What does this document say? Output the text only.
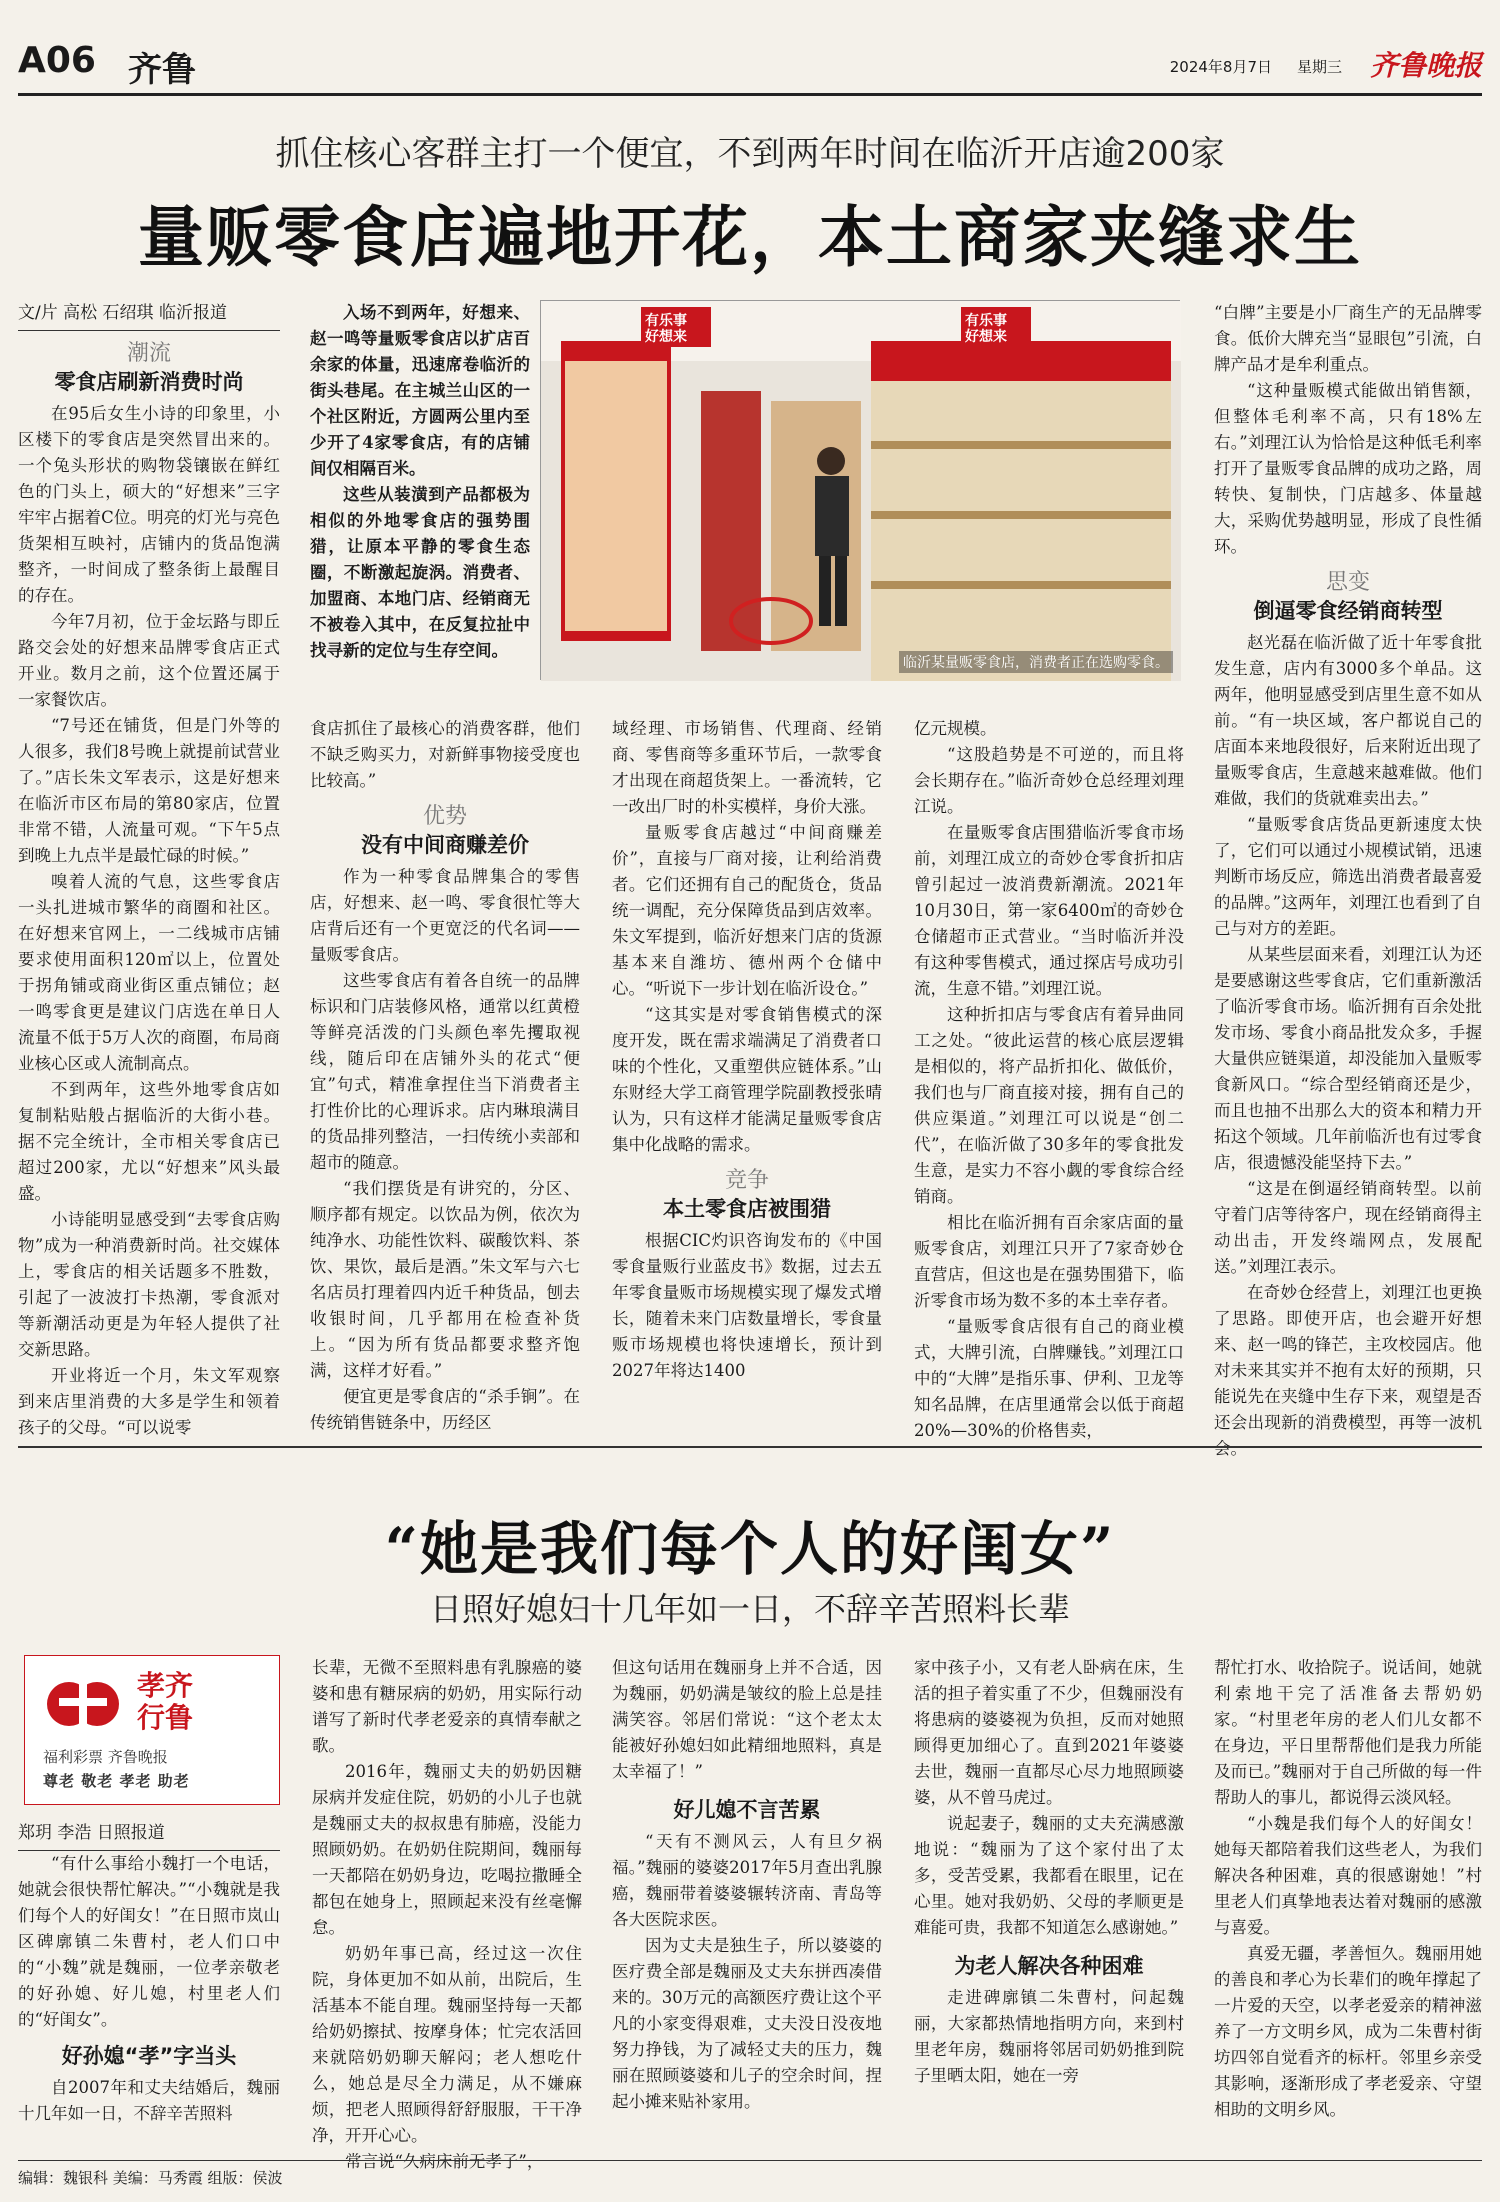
A06 齐鲁	2024年8月7日 星期三 齐鲁晚报
抓住核心客群主打一个便宜，不到两年时间在临沂开店逾200家
量贩零食店遍地开花，本土商家夹缝求生
文/片 高松 石绍琪 临沂报道
潮流
零食店刷新消费时尚

在95后女生小诗的印象里，小区楼下的零食店是突然冒出来的。一个兔头形状的购物袋镶嵌在鲜红色的门头上，硕大的“好想来”三字牢牢占据着C位。明亮的灯光与亮色货架相互映衬，店铺内的货品饱满整齐，一时间成了整条街上最醒目的存在。

今年7月初，位于金坛路与即丘路交会处的好想来品牌零食店正式开业。数月之前，这个位置还属于一家餐饮店。

“7号还在铺货，但是门外等的人很多，我们8号晚上就提前试营业了。”店长朱文军表示，这是好想来在临沂市区布局的第80家店，位置非常不错，人流量可观。“下午5点到晚上九点半是最忙碌的时候。”

嗅着人流的气息，这些零食店一头扎进城市繁华的商圈和社区。在好想来官网上，一二线城市店铺要求使用面积120㎡以上，位置处于拐角铺或商业街区重点铺位；赵一鸣零食更是建议门店选在单日人流量不低于5万人次的商圈，布局商业核心区或人流制高点。

不到两年，这些外地零食店如复制粘贴般占据临沂的大街小巷。据不完全统计，全市相关零食店已超过200家，尤以“好想来”风头最盛。

小诗能明显感受到“去零食店购物”成为一种消费新时尚。社交媒体上，零食店的相关话题多不胜数，引起了一波波打卡热潮，零食派对等新潮活动更是为年轻人提供了社交新思路。

开业将近一个月，朱文军观察到来店里消费的大多是学生和领着孩子的父母。“可以说零

入场不到两年，好想来、赵一鸣等量贩零食店以扩店百余家的体量，迅速席卷临沂的街头巷尾。在主城兰山区的一个社区附近，方圆两公里内至少开了4家零食店，有的店铺间仅相隔百米。

这些从装潢到产品都极为相似的外地零食店的强势围猎，让原本平静的零食生态圈，不断激起旋涡。消费者、加盟商、本地门店、经销商无不被卷入其中，在反复拉扯中找寻新的定位与生存空间。

有乐事
好想来
有乐事
好想来
临沂某量贩零食店，消费者正在选购零食。
食店抓住了最核心的消费客群，他们不缺乏购买力，对新鲜事物接受度也比较高。”
优势
没有中间商赚差价

作为一种零食品牌集合的零售店，好想来、赵一鸣、零食很忙等大店背后还有一个更宽泛的代名词——量贩零食店。

这些零食店有着各自统一的品牌标识和门店装修风格，通常以红黄橙等鲜亮活泼的门头颜色率先攫取视线，随后印在店铺外头的花式“便宜”句式，精准拿捏住当下消费者主打性价比的心理诉求。店内琳琅满目的货品排列整洁，一扫传统小卖部和超市的随意。

“我们摆货是有讲究的，分区、顺序都有规定。以饮品为例，依次为纯净水、功能性饮料、碳酸饮料、茶饮、果饮，最后是酒。”朱文军与六七名店员打理着四内近千种货品，刨去收银时间，几乎都用在检查补货上。“因为所有货品都要求整齐饱满，这样才好看。”

便宜更是零食店的“杀手锏”。在传统销售链条中，历经区

域经理、市场销售、代理商、经销商、零售商等多重环节后，一款零食才出现在商超货架上。一番流转，它一改出厂时的朴实模样，身价大涨。

量贩零食店越过“中间商赚差价”，直接与厂商对接，让利给消费者。它们还拥有自己的配货仓，货品统一调配，充分保障货品到店效率。朱文军提到，临沂好想来门店的货源基本来自潍坊、德州两个仓储中心。“听说下一步计划在临沂设仓。”

“这其实是对零食销售模式的深度开发，既在需求端满足了消费者口味的个性化，又重塑供应链体系。”山东财经大学工商管理学院副教授张晴认为，只有这样才能满足量贩零食店集中化战略的需求。

竞争
本土零食店被围猎

根据CIC灼识咨询发布的《中国零食量贩行业蓝皮书》数据，过去五年零食量贩市场规模实现了爆发式增长，随着未来门店数量增长，零食量贩市场规模也将快速增长，预计到2027年将达1400

亿元规模。

“这股趋势是不可逆的，而且将会长期存在。”临沂奇妙仓总经理刘理江说。

在量贩零食店围猎临沂零食市场前，刘理江成立的奇妙仓零食折扣店曾引起过一波消费新潮流。2021年10月30日，第一家6400㎡的奇妙仓仓储超市正式营业。“当时临沂并没有这种零售模式，通过探店号成功引流，生意不错。”刘理江说。

这种折扣店与零食店有着异曲同工之处。“彼此运营的核心底层逻辑是相似的，将产品折扣化、做低价，我们也与厂商直接对接，拥有自己的供应渠道。”刘理江可以说是“创二代”，在临沂做了30多年的零食批发生意，是实力不容小觑的零食综合经销商。

相比在临沂拥有百余家店面的量贩零食店，刘理江只开了7家奇妙仓直营店，但这也是在强势围猎下，临沂零食市场为数不多的本土幸存者。

“量贩零食店很有自己的商业模式，大牌引流，白牌赚钱。”刘理江口中的“大牌”是指乐事、伊利、卫龙等知名品牌，在店里通常会以低于商超20%—30%的价格售卖，

“白牌”主要是小厂商生产的无品牌零食。低价大牌充当“显眼包”引流，白牌产品才是牟利重点。

“这种量贩模式能做出销售额，但整体毛利率不高，只有18%左右。”刘理江认为恰恰是这种低毛利率打开了量贩零食品牌的成功之路，周转快、复制快，门店越多、体量越大，采购优势越明显，形成了良性循环。

思变
倒逼零食经销商转型

赵光磊在临沂做了近十年零食批发生意，店内有3000多个单品。这两年，他明显感受到店里生意不如从前。“有一块区域，客户都说自己的店面本来地段很好，后来附近出现了量贩零食店，生意越来越难做。他们难做，我们的货就难卖出去。”

“量贩零食店货品更新速度太快了，它们可以通过小规模试销，迅速判断市场反应，筛选出消费者最喜爱的品牌。”这两年，刘理江也看到了自己与对方的差距。

从某些层面来看，刘理江认为还是要感谢这些零食店，它们重新激活了临沂零食市场。临沂拥有百余处批发市场、零食小商品批发众多，手握大量供应链渠道，却没能加入量贩零食新风口。“综合型经销商还是少，而且也抽不出那么大的资本和精力开拓这个领域。几年前临沂也有过零食店，很遗憾没能坚持下去。”

“这是在倒逼经销商转型。以前守着门店等待客户，现在经销商得主动出击，开发终端网点，发展配送。”刘理江表示。

在奇妙仓经营上，刘理江也更换了思路。即使开店，也会避开好想来、赵一鸣的锋芒，主攻校园店。他对未来其实并不抱有太好的预期，只能说先在夹缝中生存下来，观望是否还会出现新的消费模型，再等一波机会。

“她是我们每个人的好闺女”
日照好媳妇十几年如一日，不辞辛苦照料长辈
孝齐
行鲁
福利彩票 齐鲁晚报
尊老 敬老 孝老 助老
郑玥 李浩 日照报道

“有什么事给小魏打一个电话，她就会很快帮忙解决。”“小魏就是我们每个人的好闺女！”在日照市岚山区碑廓镇二朱曹村，老人们口中的“小魏”就是魏丽，一位孝亲敬老的好孙媳、好儿媳，村里老人们的“好闺女”。

好孙媳“孝”字当头

自2007年和丈夫结婚后，魏丽十几年如一日，不辞辛苦照料

长辈，无微不至照料患有乳腺癌的婆婆和患有糖尿病的奶奶，用实际行动谱写了新时代孝老爱亲的真情奉献之歌。

2016年，魏丽丈夫的奶奶因糖尿病并发症住院，奶奶的小儿子也就是魏丽丈夫的叔叔患有肺癌，没能力照顾奶奶。在奶奶住院期间，魏丽每一天都陪在奶奶身边，吃喝拉撒睡全都包在她身上，照顾起来没有丝毫懈怠。

奶奶年事已高，经过这一次住院，身体更加不如从前，出院后，生活基本不能自理。魏丽坚持每一天都给奶奶擦拭、按摩身体；忙完农活回来就陪奶奶聊天解闷；老人想吃什么，她总是尽全力满足，从不嫌麻烦，把老人照顾得舒舒服服，干干净净，开开心心。

常言说“久病床前无孝子”，

但这句话用在魏丽身上并不合适，因为魏丽，奶奶满是皱纹的脸上总是挂满笑容。邻居们常说：“这个老太太能被好孙媳妇如此精细地照料，真是太幸福了！”
好儿媳不言苦累

“天有不测风云，人有旦夕祸福。”魏丽的婆婆2017年5月查出乳腺癌，魏丽带着婆婆辗转济南、青岛等各大医院求医。

因为丈夫是独生子，所以婆婆的医疗费全部是魏丽及丈夫东拼西凑借来的。30万元的高额医疗费让这个平凡的小家变得艰难，丈夫没日没夜地努力挣钱，为了减轻丈夫的压力，魏丽在照顾婆婆和儿子的空余时间，捏起小摊来贴补家用。

家中孩子小，又有老人卧病在床，生活的担子着实重了不少，但魏丽没有将患病的婆婆视为负担，反而对她照顾得更加细心了。直到2021年婆婆去世，魏丽一直都尽心尽力地照顾婆婆，从不曾马虎过。

说起妻子，魏丽的丈夫充满感激地说：“魏丽为了这个家付出了太多，受苦受累，我都看在眼里，记在心里。她对我奶奶、父母的孝顺更是难能可贵，我都不知道怎么感谢她。”

为老人解决各种困难

走进碑廓镇二朱曹村，问起魏丽，大家都热情地指明方向，来到村里老年房，魏丽将邻居司奶奶推到院子里晒太阳，她在一旁

帮忙打水、收拾院子。说话间，她就利索地干完了活准备去帮奶奶家。“村里老年房的老人们儿女都不在身边，平日里帮帮他们是我力所能及而已。”魏丽对于自己所做的每一件帮助人的事儿，都说得云淡风轻。

“小魏是我们每个人的好闺女！她每天都陪着我们这些老人，为我们解决各种困难，真的很感谢她！”村里老人们真挚地表达着对魏丽的感激与喜爱。

真爱无疆，孝善恒久。魏丽用她的善良和孝心为长辈们的晚年撑起了一片爱的天空，以孝老爱亲的精神滋养了一方文明乡风，成为二朱曹村街坊四邻自觉看齐的标杆。邻里乡亲受其影响，逐渐形成了孝老爱亲、守望相助的文明乡风。

编辑：魏银科 美编：马秀霞 组版：侯波
